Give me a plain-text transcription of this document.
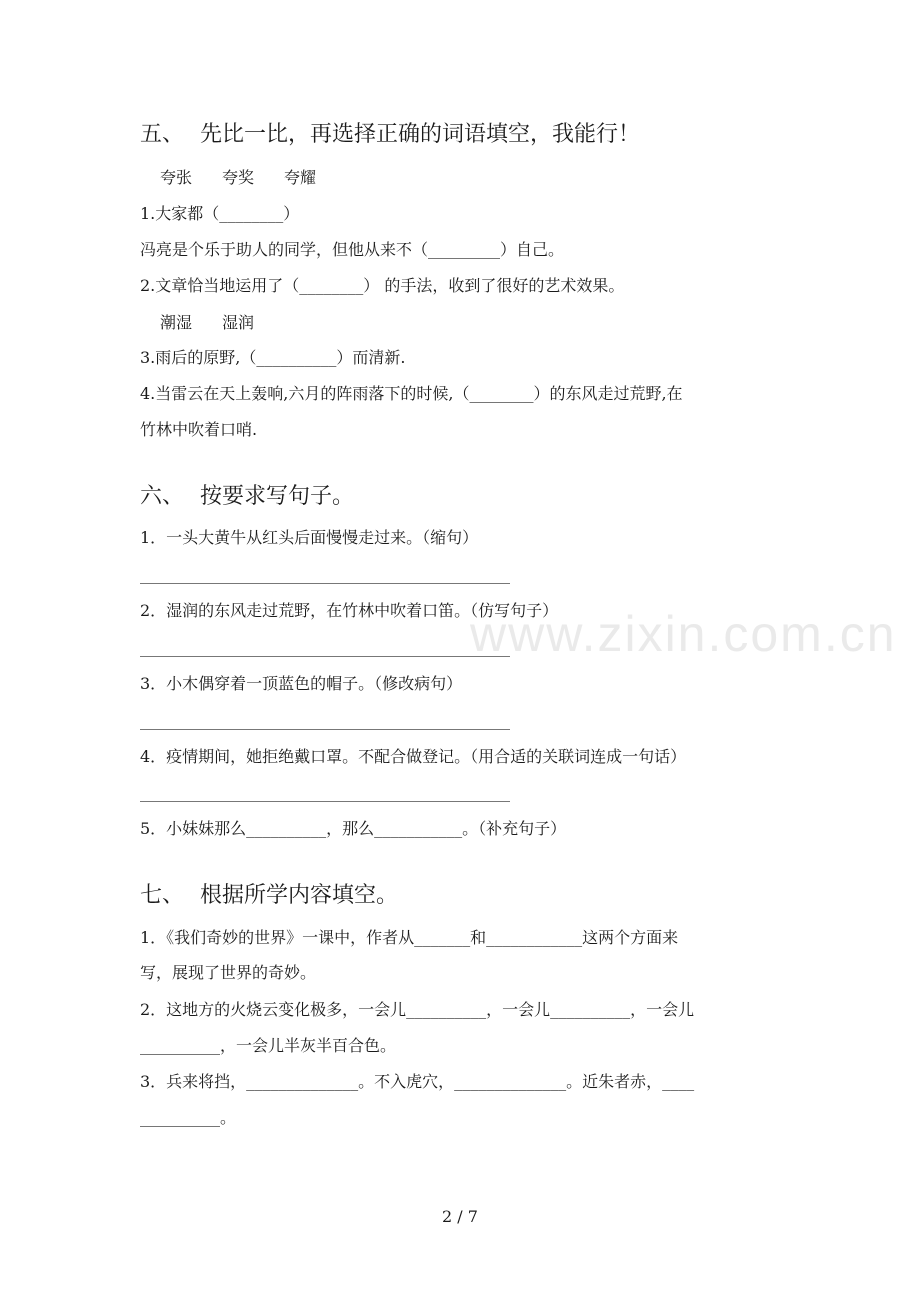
www.zixin.com.cn
五、 先比一比，再选择正确的词语填空，我能行！
夸张 夸奖 夸耀
1.大家都（________）
冯亮是个乐于助人的同学，但他从来不（_________）自己。
2.文章恰当地运用了（________） 的手法，收到了很好的艺术效果。
潮湿 湿润
3.雨后的原野,（__________）而清新.
4.当雷云在天上轰响,六月的阵雨落下的时候,（________）的东风走过荒野,在
竹林中吹着口哨.
六、 按要求写句子。
1．一头大黄牛从红头后面慢慢走过来。（缩句）
2．湿润的东风走过荒野，在竹林中吹着口笛。（仿写句子）
3．小木偶穿着一顶蓝色的帽子。（修改病句）
4．疫情期间，她拒绝戴口罩。不配合做登记。（用合适的关联词连成一句话）
5．小妹妹那么__________，那么___________。（补充句子）
七、 根据所学内容填空。
1．《我们奇妙的世界》一课中，作者从_______和____________这两个方面来
写，展现了世界的奇妙。
2．这地方的火烧云变化极多，一会儿__________，一会儿__________，一会儿
__________，一会儿半灰半百合色。
3．兵来将挡，______________。不入虎穴，______________。近朱者赤，____
__________。
2 / 7
